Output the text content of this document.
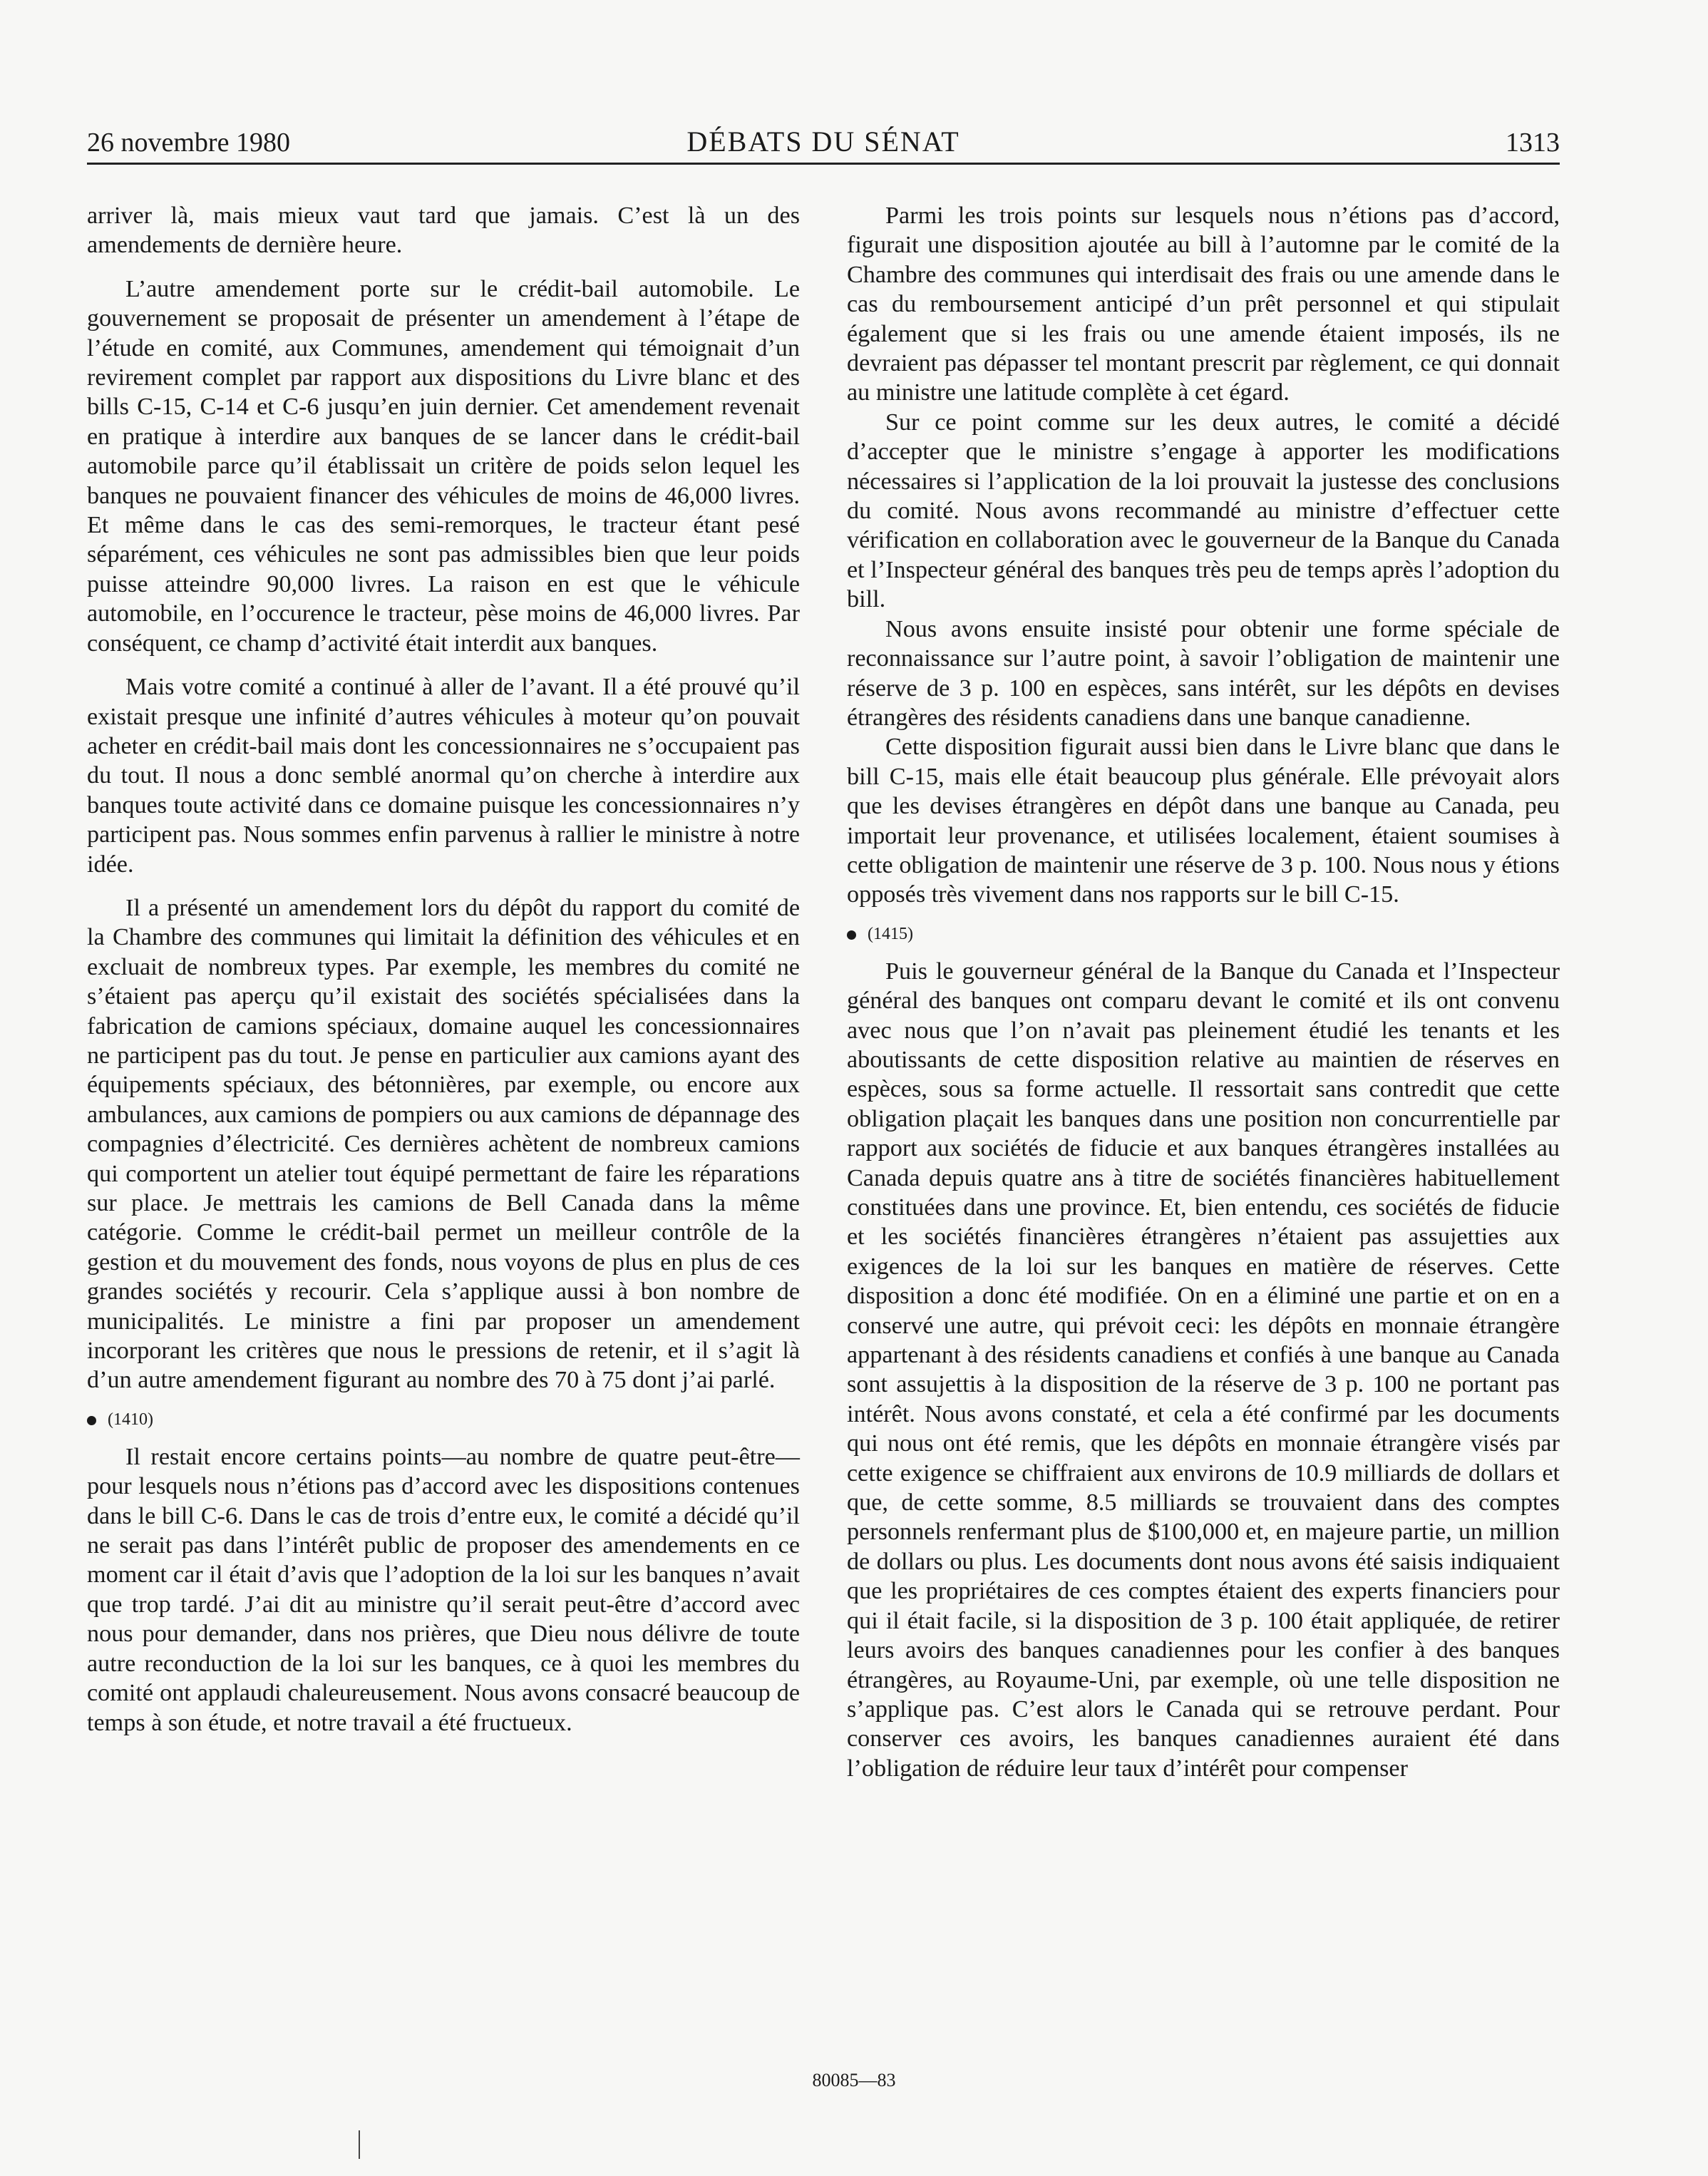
26 novembre 1980	DÉBATS DU SÉNAT	1313

arriver là, mais mieux vaut tard que jamais. C’est là un des amendements de dernière heure.

L’autre amendement porte sur le crédit-bail automobile. Le gouvernement se proposait de présenter un amendement à l’étape de l’étude en comité, aux Communes, amendement qui témoignait d’un revirement complet par rapport aux dispositions du Livre blanc et des bills C-15, C-14 et C-6 jusqu’en juin dernier. Cet amendement revenait en pratique à interdire aux banques de se lancer dans le crédit-bail automobile parce qu’il établissait un critère de poids selon lequel les banques ne pouvaient financer des véhicules de moins de 46,000 livres. Et même dans le cas des semi-remorques, le tracteur étant pesé séparément, ces véhicules ne sont pas admissibles bien que leur poids puisse atteindre 90,000 livres. La raison en est que le véhicule automobile, en l’occurence le tracteur, pèse moins de 46,000 livres. Par conséquent, ce champ d’activité était interdit aux banques.

Mais votre comité a continué à aller de l’avant. Il a été prouvé qu’il existait presque une infinité d’autres véhicules à moteur qu’on pouvait acheter en crédit-bail mais dont les concessionnaires ne s’occupaient pas du tout. Il nous a donc semblé anormal qu’on cherche à interdire aux banques toute activité dans ce domaine puisque les concessionnaires n’y participent pas. Nous sommes enfin parvenus à rallier le ministre à notre idée.

Il a présenté un amendement lors du dépôt du rapport du comité de la Chambre des communes qui limitait la définition des véhicules et en excluait de nombreux types. Par exemple, les membres du comité ne s’étaient pas aperçu qu’il existait des sociétés spécialisées dans la fabrication de camions spéciaux, domaine auquel les concessionnaires ne participent pas du tout. Je pense en particulier aux camions ayant des équipements spéciaux, des bétonnières, par exemple, ou encore aux ambulances, aux camions de pompiers ou aux camions de dépannage des compagnies d’électricité. Ces dernières achètent de nombreux camions qui comportent un atelier tout équipé permettant de faire les réparations sur place. Je mettrais les camions de Bell Canada dans la même catégorie. Comme le crédit-bail permet un meilleur contrôle de la gestion et du mouvement des fonds, nous voyons de plus en plus de ces grandes sociétés y recourir. Cela s’applique aussi à bon nombre de municipalités. Le ministre a fini par proposer un amendement incorporant les critères que nous le pressions de retenir, et il s’agit là d’un autre amendement figurant au nombre des 70 à 75 dont j’ai parlé.

(1410)

Il restait encore certains points—au nombre de quatre peut-être—pour lesquels nous n’étions pas d’accord avec les dispositions contenues dans le bill C-6. Dans le cas de trois d’entre eux, le comité a décidé qu’il ne serait pas dans l’intérêt public de proposer des amendements en ce moment car il était d’avis que l’adoption de la loi sur les banques n’avait que trop tardé. J’ai dit au ministre qu’il serait peut-être d’accord avec nous pour demander, dans nos prières, que Dieu nous délivre de toute autre reconduction de la loi sur les banques, ce à quoi les membres du comité ont applaudi chaleureusement. Nous avons consacré beaucoup de temps à son étude, et notre travail a été fructueux.

Parmi les trois points sur lesquels nous n’étions pas d’accord, figurait une disposition ajoutée au bill à l’automne par le comité de la Chambre des communes qui interdisait des frais ou une amende dans le cas du remboursement anticipé d’un prêt personnel et qui stipulait également que si les frais ou une amende étaient imposés, ils ne devraient pas dépasser tel montant prescrit par règlement, ce qui donnait au ministre une latitude complète à cet égard.

Sur ce point comme sur les deux autres, le comité a décidé d’accepter que le ministre s’engage à apporter les modifications nécessaires si l’application de la loi prouvait la justesse des conclusions du comité. Nous avons recommandé au ministre d’effectuer cette vérification en collaboration avec le gouverneur de la Banque du Canada et l’Inspecteur général des banques très peu de temps après l’adoption du bill.

Nous avons ensuite insisté pour obtenir une forme spéciale de reconnaissance sur l’autre point, à savoir l’obligation de maintenir une réserve de 3 p. 100 en espèces, sans intérêt, sur les dépôts en devises étrangères des résidents canadiens dans une banque canadienne.

Cette disposition figurait aussi bien dans le Livre blanc que dans le bill C-15, mais elle était beaucoup plus générale. Elle prévoyait alors que les devises étrangères en dépôt dans une banque au Canada, peu importait leur provenance, et utilisées localement, étaient soumises à cette obligation de maintenir une réserve de 3 p. 100. Nous nous y étions opposés très vivement dans nos rapports sur le bill C-15.

(1415)

Puis le gouverneur général de la Banque du Canada et l’Inspecteur général des banques ont comparu devant le comité et ils ont convenu avec nous que l’on n’avait pas pleinement étudié les tenants et les aboutissants de cette disposition relative au maintien de réserves en espèces, sous sa forme actuelle. Il ressortait sans contredit que cette obligation plaçait les banques dans une position non concurrentielle par rapport aux sociétés de fiducie et aux banques étrangères installées au Canada depuis quatre ans à titre de sociétés financières habituellement constituées dans une province. Et, bien entendu, ces sociétés de fiducie et les sociétés financières étrangères n’étaient pas assujetties aux exigences de la loi sur les banques en matière de réserves. Cette disposition a donc été modifiée. On en a éliminé une partie et on en a conservé une autre, qui prévoit ceci: les dépôts en monnaie étrangère appartenant à des résidents canadiens et confiés à une banque au Canada sont assujettis à la disposition de la réserve de 3 p. 100 ne portant pas intérêt. Nous avons constaté, et cela a été confirmé par les documents qui nous ont été remis, que les dépôts en monnaie étrangère visés par cette exigence se chiffraient aux environs de 10.9 milliards de dollars et que, de cette somme, 8.5 milliards se trouvaient dans des comptes personnels renfermant plus de $100,000 et, en majeure partie, un million de dollars ou plus. Les documents dont nous avons été saisis indiquaient que les propriétaires de ces comptes étaient des experts financiers pour qui il était facile, si la disposition de 3 p. 100 était appliquée, de retirer leurs avoirs des banques canadiennes pour les confier à des banques étrangères, au Royaume-Uni, par exemple, où une telle disposition ne s’applique pas. C’est alors le Canada qui se retrouve perdant. Pour conserver ces avoirs, les banques canadiennes auraient été dans l’obligation de réduire leur taux d’intérêt pour compenser

80085—83
